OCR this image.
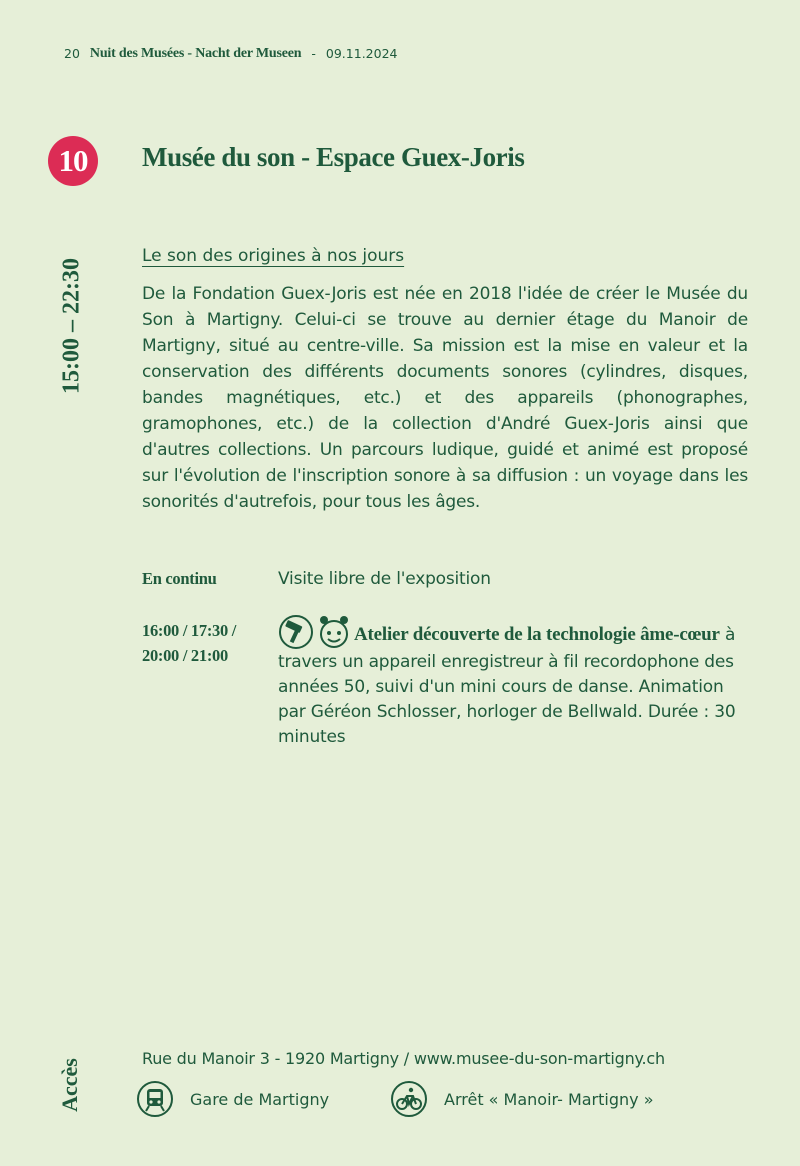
20 Nuit des Musées - Nacht der Museen - 09.11.2024
10	Musée du son - Espace Guex-Joris
15:00 – 22:30
Le son des origines à nos jours
De la Fondation Guex-Joris est née en 2018 l'idée de créer le Musée du Son à Martigny. Celui-ci se trouve au dernier étage du Manoir de Martigny, situé au centre-ville. Sa mission est la mise en valeur et la conservation des différents documents sonores (cylindres, disques, bandes magnétiques, etc.) et des appareils (phonographes, gramophones, etc.) de la collection d'André Guex-Joris ainsi que d'autres collections. Un parcours ludique, guidé et animé est proposé sur l'évolution de l'inscription sonore à sa diffusion : un voyage dans les sonorités d'autrefois, pour tous les âges.
En continu	Visite libre de l'exposition
16:00 / 17:30 /
20:00 / 21:00
Atelier découverte de la technologie âme-cœur à travers un appareil enregistreur à fil recordophone des années 50, suivi d'un mini cours de danse. Animation par Géréon Schlosser, horloger de Bellwald. Durée : 30 minutes
Accès	Rue du Manoir 3 - 1920 Martigny / www.musee-du-son-martigny.ch
Gare de Martigny	Arrêt « Manoir- Martigny »
